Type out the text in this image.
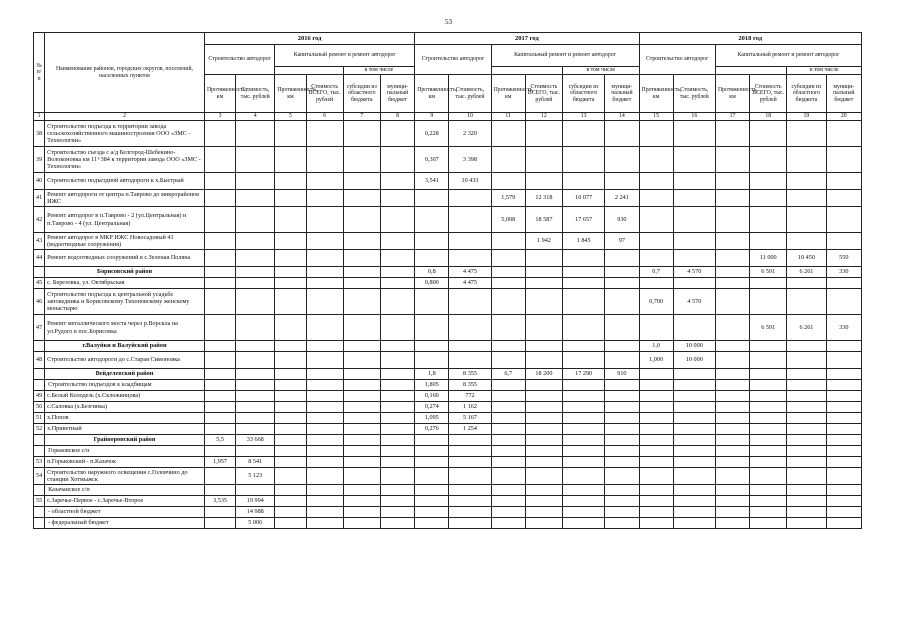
53
№ п/п	Наименование районов, городских округов, поселений, населенных пунктов	2016 год						2017 год						2018 год					
		Строительство автодорог		Капитальный ремонт и ремонт автодорог				Строительство автодорог		Капитальный ремонт и ремонт автодорог				Строительство автодорог		Капитальный ремонт и ремонт автодорог			
						в том числе						в том числе						в том числе	
		Протяженность, км	Стоимость, тыс. рублей	Протяженность, км	Стоимость ВСЕГО, тыс. рублей	субсидии из областного бюджета	муници-пальный бюджет	Протяженность, км	Стоимость, тыс. рублей	Протяженность, км	Стоимость ВСЕГО, тыс. рублей	субсидии из областного бюджета	муници-пальный бюджет	Протяженность, км	Стоимость, тыс. рублей	Протяженность, км	Стоимость ВСЕГО, тыс. рублей	субсидии из областного бюджета	муници-пальный бюджет
1	2	3	4	5	6	7	8	9	10	11	12	13	14	15	16	17	18	19	20
38	Строительство подъезда к территории завода сельскохозяйственного машиностроения ООО «ЗМС - Технологии»							0,228	2 320										
39	Строительство съезда с а/д Белгород-Шебекино-Волоконовка км 11+384 к территории завода ООО «ЗМС - Технологии»							0,307	3 398										
40	Строительство подъездной автодороги к х.Быстрый							3,541	10 433										
41	Ремонт автодороги от центра п.Таврово до микрорайонов ИЖС									1,579	12 318	10 077	2 241						
42	Ремонт автодорог в п.Таврово - 2 (ул.Центральная) и п.Таврово - 4 (ул. Центральная)									5,008	18 587	17 657	930						
43	Ремонт автодорог в МКР ИЖС Новосадовый 41 (водоотводные сооружения)										1 942	1 845	97						
44	Ремонт водоотводных сооружений в с.Зеленая Поляна																11 000	10 450	550
	Борисовский район							0,8	4 475					0,7	4 570		6 591	6 261	330
45	с. Березовка, ул. Октябрьская							0,800	4 475										
46	Строительство подъезда к центральной усадьбе заповедника и Борисовскому Тихоновскому женскому монастырю													0,700	4 570				
47	Ремонт металлического моста через р.Ворскла на ул.Рудого в пос.Борисовка																6 591	6 261	330
	г.Валуйки и Валуйский район													1,0	10 000				
48	Строительство автодороги до с.Старая Симоновка													1,000	10 000				
	Вейделевский район							1,8	8 355	6,7	18 200	17 290	910						
	Строительство подъездов к кладбищам							1,805	8 355										
49	с.Белый Колодезь (х.Скложинцова)							0,160	772										
50	с.Саловка (х.Безгинка)							0,274	1 162										
51	х.Попов							1,095	5 167										
52	х.Приветный							0,276	1 254										
	Грайворонский район	5,5	33 668																
	Горьковское с/п																		
53	п.Горьковский - п.Казачок	1,957	8 541																
54	Строительство наружного освещения с.Головчино до станции Хотмыжск		5 123																
	Казачанское с/п																		
55	с.Заречье-Первое - с.Заречье-Второе	3,535	19 994																
	- областной бюджет		14 988																
	- федеральный бюджет		5 006																
